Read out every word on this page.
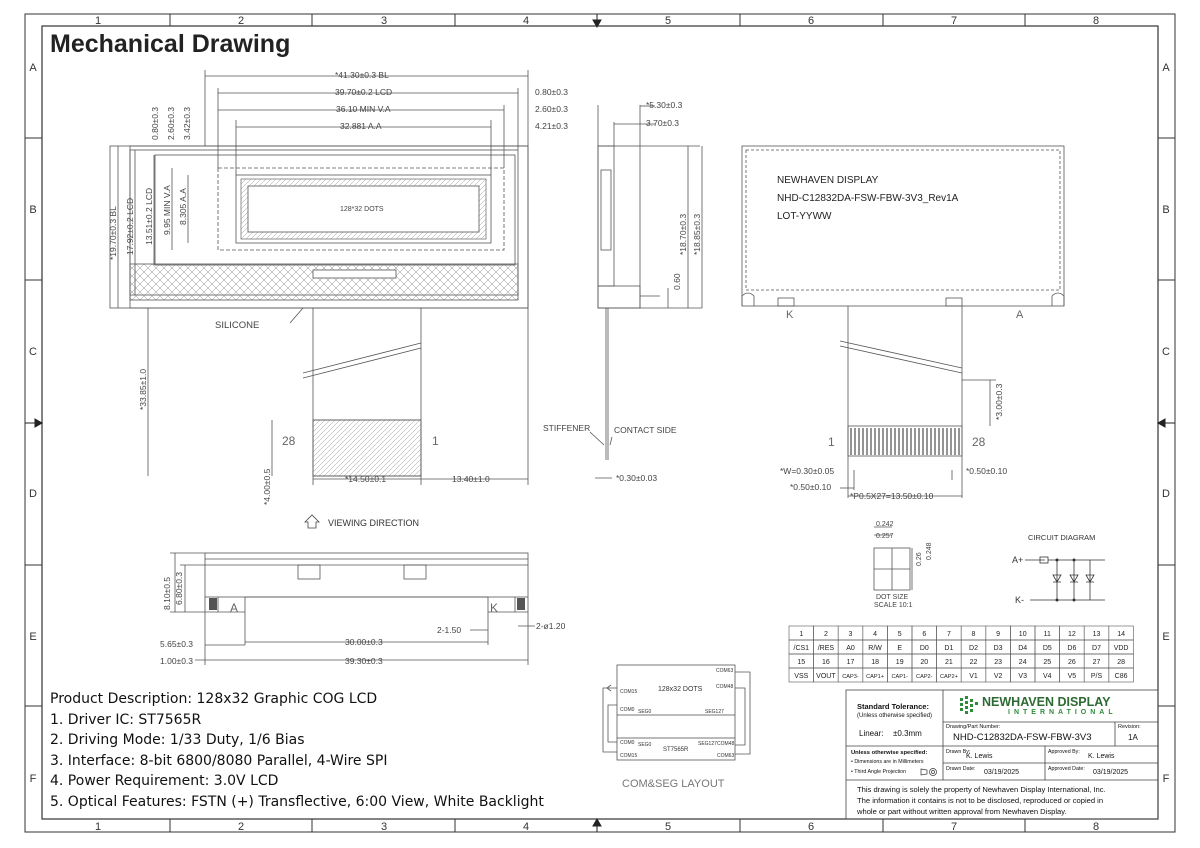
1	2	3	4	5	6	7	8
1	2	3	4	5	6	7	8
A
B
C
D
E
F
A
B
C
D
E
F
*41.30±0.3 BL
39.70±0.2 LCD
36.10 MIN V.A
32.881 A.A
0.80±0.3
2.60±0.3
4.21±0.3
0.80±0.3 2.60±0.3 3.42±0.3
*19.70±0.3 BL 17.92±0.2 LCD 13.51±0.2 LCD 9.95 MIN V.A 8.305 A.A
*33.85±1.0
*4.00±0.5	*14.50±0.1	13.40±1.0
128*32 DOTS
SILICONE
28	1
VIEWING DIRECTION
*5.30±0.3
3.70±0.3
*18.70±0.3 *18.85±0.3
0.60
*0.30±0.03
STIFFENER	CONTACT SIDE
NEWHAVEN DISPLAY
NHD-C12832DA-FSW-FBW-3V3_Rev1A
LOT-YYWW
K	A
1	28
*3.00±0.3
*W=0.30±0.05	*0.50±0.10
*0.50±0.10
*P0.5X27=13.50±0.10
8.10±0.5 6.80±0.3
2-1.50	2-ø1.20
5.65±0.3	30.00±0.3
1.00±0.3	39.30±0.3
A	K
0.242
0.257
0.26 0.248
DOT SIZE
SCALE 10:1
CIRCUIT DIAGRAM
A+
K-
1	2	3	4	5	6	7	8	9	10 11 12 13 14
/CS1 /RES A0 R/W E	D0 D1 D2 D3 D4 D5 D6 D7 VDD
15 16 17 18 19 20 21 22 23 24 25 26 27 28
VSS VOUT CAP3- CAP1+ CAP1- CAP2- CAP2+ V1 V2 V3 V4 V5 P/S C86
COM63
COM15	128x32 DOTS	COM48
COM0 SEG0	SEG127
COM0 SEG0	SEG127 COM48
ST7565R
COM15	COM63
COM&SEG LAYOUT
Mechanical Drawing
Product Description: 128x32 Graphic COG LCD
1. Driver IC: ST7565R
2. Driving Mode: 1/33 Duty, 1/6 Bias
3. Interface: 8-bit 6800/8080 Parallel, 4-Wire SPI
4. Power Requirement: 3.0V LCD
5. Optical Features: FSTN (+) Transflective, 6:00 View, White Backlight
Standard Tolerance:
(Unless otherwise specified)
Linear: ±0.3mm
NEWHAVEN DISPLAY
INTERNATIONAL
Drawing/Part Number:
NHD-C12832DA-FSW-FBW-3V3
Revision:
1A
Unless otherwise specified:
• Dimensions are in Millimeters
• Third Angle Projection
Drawn By:
K. Lewis
Approved By:
K. Lewis
Drawn Date: 03/19/2025	Approved Date: 03/19/2025
This drawing is solely the property of Newhaven Display International, Inc.
The information it contains is not to be disclosed, reproduced or copied in
whole or part without written approval from Newhaven Display.
